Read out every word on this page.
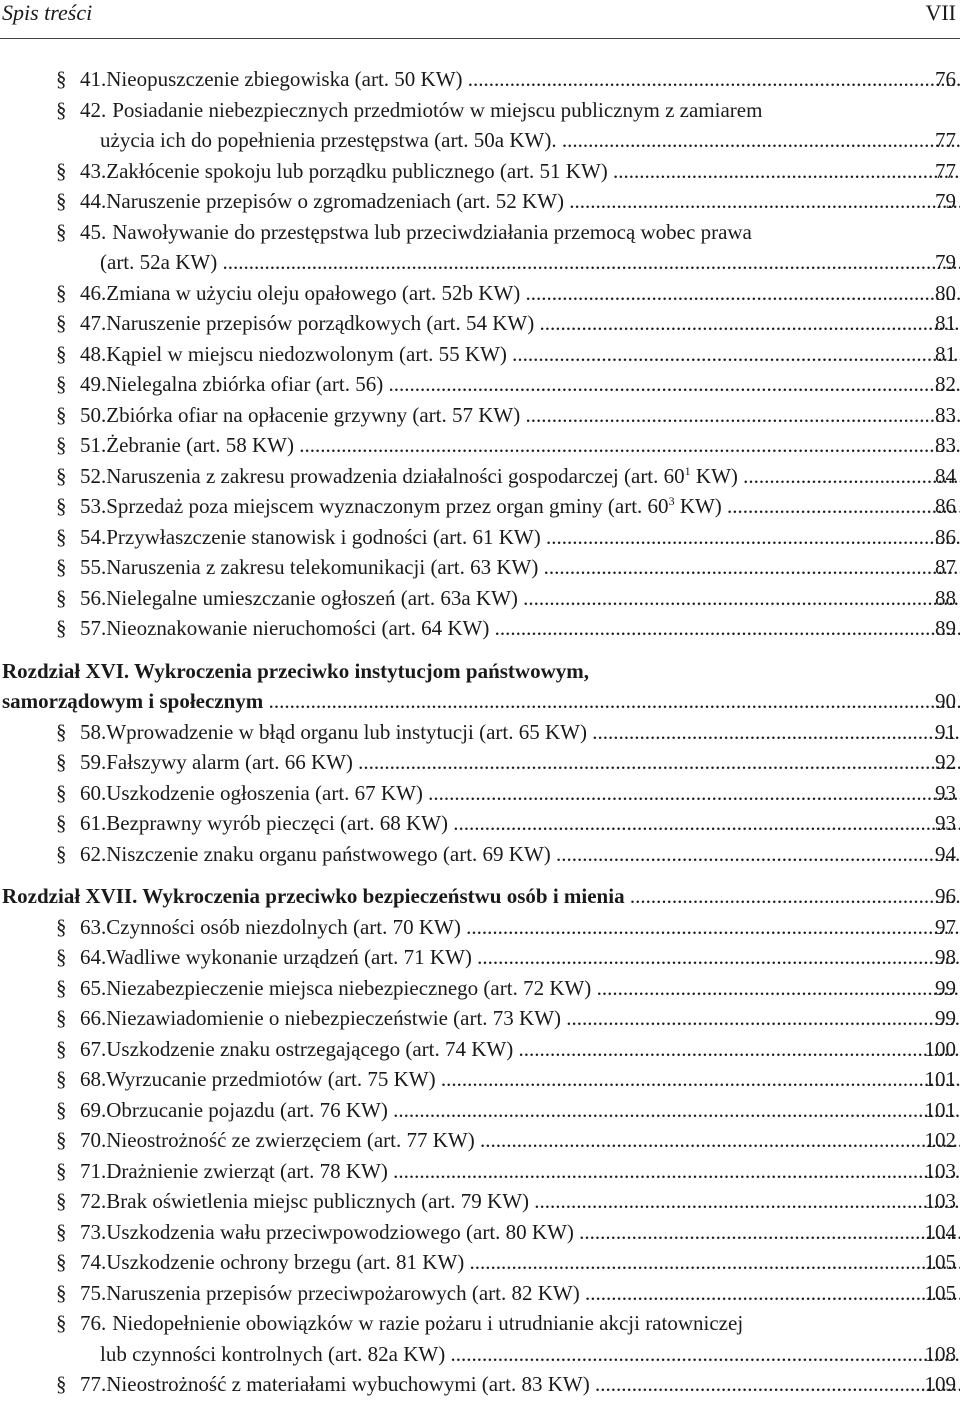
Spis treści	VII
§ 41.Nieopuszczenie zbiegowiska (art. 50 KW) .....	76
§ 42. Posiadanie niebezpiecznych przedmiotów w miejscu publicznym z zamiarem
użycia ich do popełnienia przestępstwa (art. 50a KW). .....	77
§ 43.Zakłócenie spokoju lub porządku publicznego (art. 51 KW) .....	77
§ 44.Naruszenie przepisów o zgromadzeniach (art. 52 KW) .....	79
§ 45. Nawoływanie do przestępstwa lub przeciwdziałania przemocą wobec prawa
(art. 52a KW) .....	79
§ 46.Zmiana w użyciu oleju opałowego (art. 52b KW) .....	80
§ 47.Naruszenie przepisów porządkowych (art. 54 KW) .....	81
§ 48.Kąpiel w miejscu niedozwolonym (art. 55 KW) .....	81
§ 49.Nielegalna zbiórka ofiar (art. 56) .....	82
§ 50.Zbiórka ofiar na opłacenie grzywny (art. 57 KW) .....	83
§ 51.Żebranie (art. 58 KW) .....	83
§ 52.Naruszenia z zakresu prowadzenia działalności gospodarczej (art. $60^1$ KW) .....	84
§ 53.Sprzedaż poza miejscem wyznaczonym przez organ gminy (art. $60^3$ KW) .....	86
§ 54.Przywłaszczenie stanowisk i godności (art. 61 KW) .....	86
§ 55.Naruszenia z zakresu telekomunikacji (art. 63 KW) .....	87
§ 56.Nielegalne umieszczanie ogłoszeń (art. 63a KW) .....	88
§ 57.Nieoznakowanie nieruchomości (art. 64 KW) .....	89
Rozdział XVI. Wykroczenia przeciwko instytucjom państwowym,
samorządowym i społecznym .....	90
§ 58.Wprowadzenie w błąd organu lub instytucji (art. 65 KW) .....	91
§ 59.Fałszywy alarm (art. 66 KW) .....	92
§ 60.Uszkodzenie ogłoszenia (art. 67 KW) .....	93
§ 61.Bezprawny wyrób pieczęci (art. 68 KW) .....	93
§ 62.Niszczenie znaku organu państwowego (art. 69 KW) .....	94
Rozdział XVII. Wykroczenia przeciwko bezpieczeństwu osób i mienia .....	96
§ 63.Czynności osób niezdolnych (art. 70 KW) .....	97
§ 64.Wadliwe wykonanie urządzeń (art. 71 KW) .....	98
§ 65.Niezabezpieczenie miejsca niebezpiecznego (art. 72 KW) .....	99
§ 66.Niezawiadomienie o niebezpieczeństwie (art. 73 KW) .....	99
§ 67.Uszkodzenie znaku ostrzegającego (art. 74 KW) .....	100
§ 68.Wyrzucanie przedmiotów (art. 75 KW) .....	101
§ 69.Obrzucanie pojazdu (art. 76 KW) .....	101
§ 70.Nieostrożność ze zwierzęciem (art. 77 KW) .....	102
§ 71.Drażnienie zwierząt (art. 78 KW) .....	103
§ 72.Brak oświetlenia miejsc publicznych (art. 79 KW) .....	103
§ 73.Uszkodzenia wału przeciwpowodziowego (art. 80 KW) .....	104
§ 74.Uszkodzenie ochrony brzegu (art. 81 KW) .....	105
§ 75.Naruszenia przepisów przeciwpożarowych (art. 82 KW) .....	105
§ 76. Niedopełnienie obowiązków w razie pożaru i utrudnianie akcji ratowniczej
lub czynności kontrolnych (art. 82a KW) .....	108
§ 77.Nieostrożność z materiałami wybuchowymi (art. 83 KW) .....	109
